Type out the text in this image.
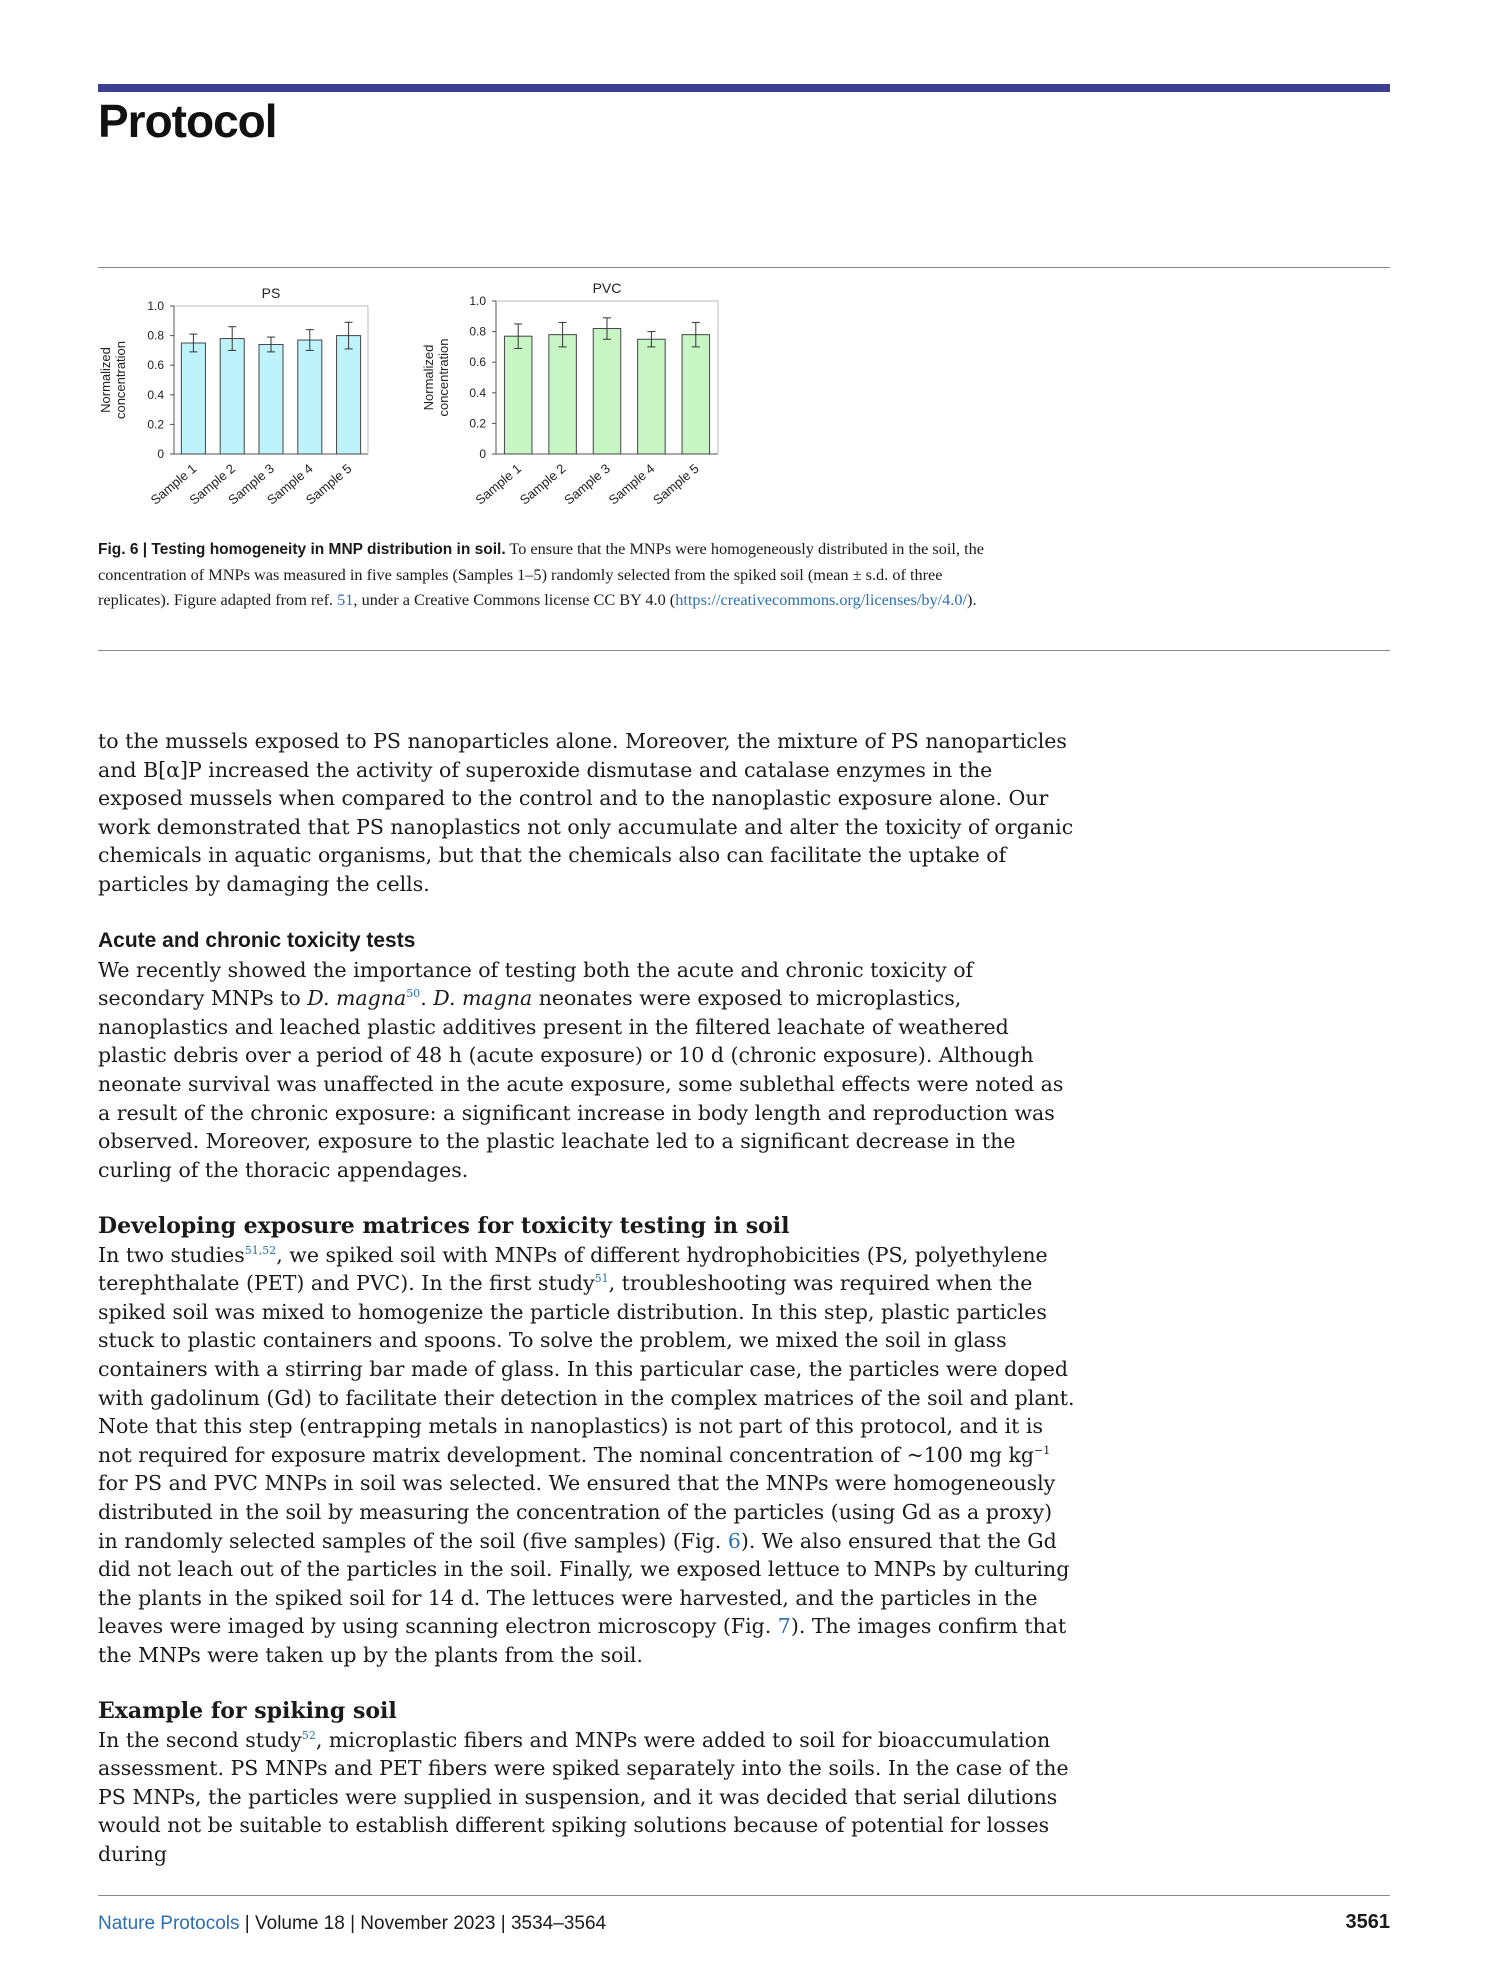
Protocol
PS
Normalized concentration
0
0.2
0.4
0.6
0.8
1.0
Sample 1
Sample 2
Sample 3
Sample 4
Sample 5
PVC
Normalized concentration
0
0.2
0.4
0.6
0.8
1.0
Sample 1
Sample 2
Sample 3
Sample 4
Sample 5
Fig. 6 | Testing homogeneity in MNP distribution in soil. To ensure that the MNPs were homogeneously distributed in the soil, the concentration of MNPs was measured in five samples (Samples 1–5) randomly selected from the spiked soil (mean ± s.d. of three replicates). Figure adapted from ref. 51, under a Creative Commons license CC BY 4.0 (https://creativecommons.org/licenses/by/4.0/).

to the mussels exposed to PS nanoparticles alone. Moreover, the mixture of PS nanoparticles and B[α]P increased the activity of superoxide dismutase and catalase enzymes in the exposed mussels when compared to the control and to the nanoplastic exposure alone. Our work demonstrated that PS nanoplastics not only accumulate and alter the toxicity of organic chemicals in aquatic organisms, but that the chemicals also can facilitate the uptake of particles by damaging the cells.

Acute and chronic toxicity tests

We recently showed the importance of testing both the acute and chronic toxicity of secondary MNPs to D. magna$^{50}$. D. magna neonates were exposed to microplastics, nanoplastics and leached plastic additives present in the filtered leachate of weathered plastic debris over a period of 48 h (acute exposure) or 10 d (chronic exposure). Although neonate survival was unaffected in the acute exposure, some sublethal effects were noted as a result of the chronic exposure: a significant increase in body length and reproduction was observed. Moreover, exposure to the plastic leachate led to a significant decrease in the curling of the thoracic appendages.

Developing exposure matrices for toxicity testing in soil

In two studies$^{51,52}$, we spiked soil with MNPs of different hydrophobicities (PS, polyethylene terephthalate (PET) and PVC). In the first study$^{51}$, troubleshooting was required when the spiked soil was mixed to homogenize the particle distribution. In this step, plastic particles stuck to plastic containers and spoons. To solve the problem, we mixed the soil in glass containers with a stirring bar made of glass. In this particular case, the particles were doped with gadolinum (Gd) to facilitate their detection in the complex matrices of the soil and plant. Note that this step (entrapping metals in nanoplastics) is not part of this protocol, and it is not required for exposure matrix development. The nominal concentration of ~100 mg $kg^{-1}$ for PS and PVC MNPs in soil was selected. We ensured that the MNPs were homogeneously distributed in the soil by measuring the concentration of the particles (using Gd as a proxy) in randomly selected samples of the soil (five samples) (Fig. 6). We also ensured that the Gd did not leach out of the particles in the soil. Finally, we exposed lettuce to MNPs by culturing the plants in the spiked soil for 14 d. The lettuces were harvested, and the particles in the leaves were imaged by using scanning electron microscopy (Fig. 7). The images confirm that the MNPs were taken up by the plants from the soil.

Example for spiking soil

In the second study$^{52}$, microplastic fibers and MNPs were added to soil for bioaccumulation assessment. PS MNPs and PET fibers were spiked separately into the soils. In the case of the PS MNPs, the particles were supplied in suspension, and it was decided that serial dilutions would not be suitable to establish different spiking solutions because of potential for losses during

Nature Protocols | Volume 18 | November 2023 | 3534–3564	3561
